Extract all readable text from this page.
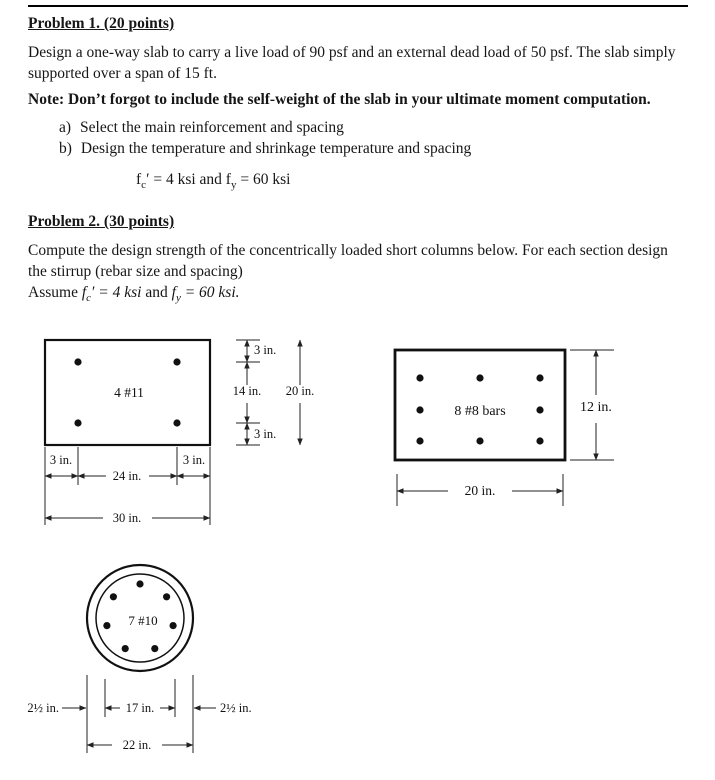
Problem 1. (20 points)
Design a one-way slab to carry a live load of 90 psf and an external dead load of 50 psf. The slab simply supported over a span of 15 ft.
Note: Don’t forgot to include the self-weight of the slab in your ultimate moment computation.
a) Select the main reinforcement and spacing
b) Design the temperature and shrinkage temperature and spacing
$f_c' = 4$ ksi and $f_y = 60$ ksi
Problem 2. (30 points)
Compute the design strength of the concentrically loaded short columns below. For each section design the stirrup (rebar size and spacing)
Assume $f_c' = 4$ ksi and $f_y = 60$ ksi.
4 #11
3 in.
14 in.
3 in.
20 in.
3 in.
24 in.
3 in.
30 in.
8 #8 bars	12 in.
20 in.
7 #10
2½ in.	17 in.	2½ in.
22 in.
